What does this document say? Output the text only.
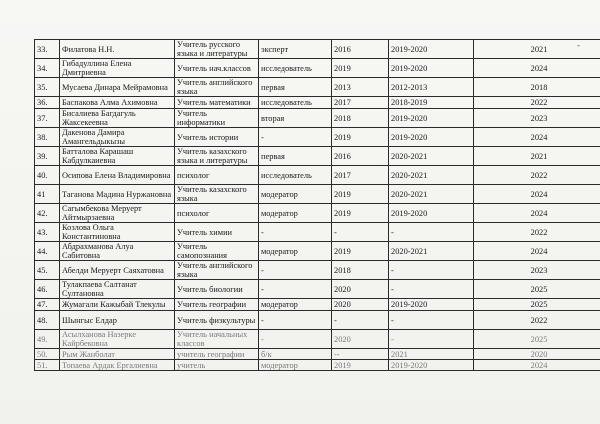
-
33.	Филатова Н.Н.	Учитель русского языка и литературы	эксперт	2016	2019-2020	2021
34.	Гибадуллина Елена Дмитриевна	Учитель нач.классов	исследователь	2019	2019-2020	2024
35.	Мусаева Динара Мейрамовна	Учитель английского языка	первая	2013	2012-2013	2018
36.	Баспакова Алма Ахимовна	Учитель математики	исследователь	2017	2018-2019	2022
37.	Бисалиева Багдагуль Жаксекеевна	Учитель информатики	вторая	2018	2019-2020	2023
38.	Дакенова Дамира Амангельдыкызы	Учитель истории	-	2019	2019-2020	2024
39.	Батталова Карашаш Кабдулкаиевна	Учитель казахского языка и литературы	первая	2016	2020-2021	2021
40.	Осипова Елена Владимировна	психолог	исследователь	2017	2020-2021	2022
41	Таганова Мадина Нуржановна	Учитель казахского языка	модератор	2019	2020-2021	2024
42.	Сагымбекова Меруерт Айтмырзаевна	психолог	модератор	2019	2019-2020	2024
43.	Козлова Ольга Константиновна	Учитель химии	-	-	-	2022
44.	Абдрахманова Алуа Сабитовна	Учитель самопознания	модератор	2019	2020-2021	2024
45.	Абелди Меруерт Саяхатовна	Учитель английского языка	-	2018	-	2023
46.	Тулакпаева Салтанат Султановна	Учитель биологии	-	2020	-	2025
47.	Жумагали Кажыбай Тлекулы	Учитель географии	модератор	2020	2019-2020	2025
48.	Шынгыс Елдар	Учитель физкультуры	-	-	-	2022
49.	Асылханова Назерке Кайрбековна	Учитель начальных классов	-	2020	-	2025
50.	Рым Жанболат	учитель географии	б/к	--	2021	2020
51.	Топаева Ардак Ергалиевна	учитель	модератор	2019	2019-2020	2024
